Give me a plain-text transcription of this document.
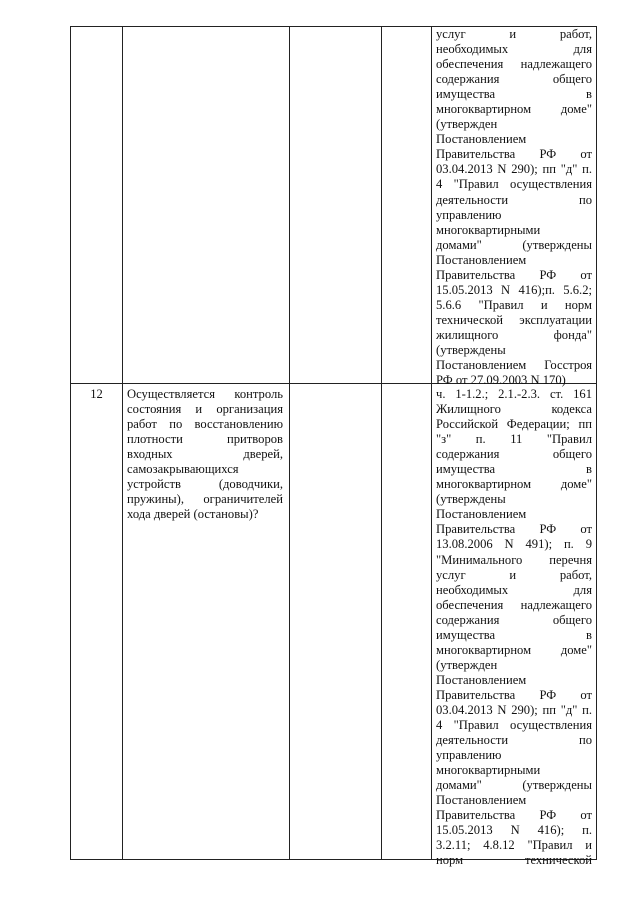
услуг и работ,
необходимых для
обеспечения надлежащего
содержания общего
имущества в
многоквартирном доме"
(утвержден
Постановлением
Правительства РФ от
03.04.2013 N 290); пп "д" п.
4 "Правил осуществления
деятельности по
управлению
многоквартирными
домами" (утверждены
Постановлением
Правительства РФ от
15.05.2013 N 416);п. 5.6.2;
5.6.6 "Правил и норм
технической эксплуатации
жилищного фонда"
(утверждены
Постановлением Госстроя
РФ от 27.09.2003 N 170)
12	Осуществляется контроль
состояния и организация
работ по восстановлению
плотности притворов
входных дверей,
самозакрывающихся
устройств (доводчики,
пружины), ограничителей
хода дверей (остановы)?
ч. 1-1.2.; 2.1.-2.3. ст. 161
Жилищного кодекса
Российской Федерации; пп
"з" п. 11 "Правил
содержания общего
имущества в
многоквартирном доме"
(утверждены
Постановлением
Правительства РФ от
13.08.2006 N 491); п. 9
"Минимального перечня
услуг и работ,
необходимых для
обеспечения надлежащего
содержания общего
имущества в
многоквартирном доме"
(утвержден
Постановлением
Правительства РФ от
03.04.2013 N 290); пп "д" п.
4 "Правил осуществления
деятельности по
управлению
многоквартирными
домами" (утверждены
Постановлением
Правительства РФ от
15.05.2013 N 416); п.
3.2.11; 4.8.12 "Правил и
норм технической
